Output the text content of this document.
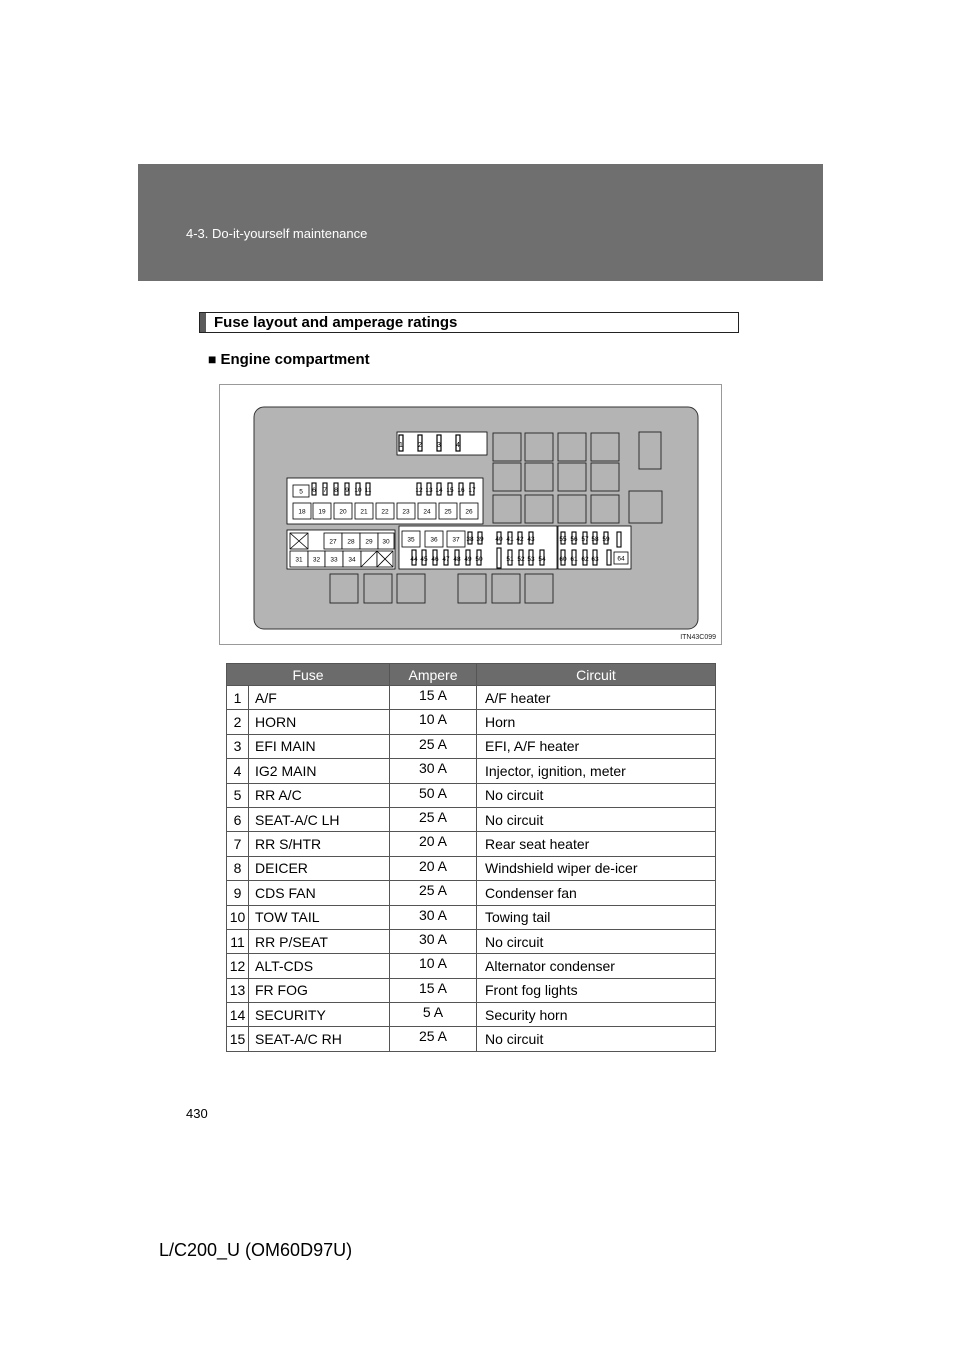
4-3. Do-it-yourself maintenance
Fuse layout and amperage ratings
■ Engine compartment
1 2 3 4
5 6 7 8 9 10 11	12 13 14 15 16 17
18 19 20 21 22 23 24 25 26
27 28 29 30
31 32 33 34
35 36 37 38 39 40 41 42 43
44 45 46 47 48 49 50	51 52 53 54
55 56 57 58 59
60 61 62 63	64
ITN43C099
Fuse		Ampere	Circuit
1	A/F	15 A	A/F heater
2	HORN	10 A	Horn
3	EFI MAIN	25 A	EFI, A/F heater
4	IG2 MAIN	30 A	Injector, ignition, meter
5	RR A/C	50 A	No circuit
6	SEAT-A/C LH	25 A	No circuit
7	RR S/HTR	20 A	Rear seat heater
8	DEICER	20 A	Windshield wiper de-icer
9	CDS FAN	25 A	Condenser fan
10	TOW TAIL	30 A	Towing tail
11	RR P/SEAT	30 A	No circuit
12	ALT-CDS	10 A	Alternator condenser
13	FR FOG	15 A	Front fog lights
14	SECURITY	5 A	Security horn
15	SEAT-A/C RH	25 A	No circuit
430
L/C200_U (OM60D97U)
